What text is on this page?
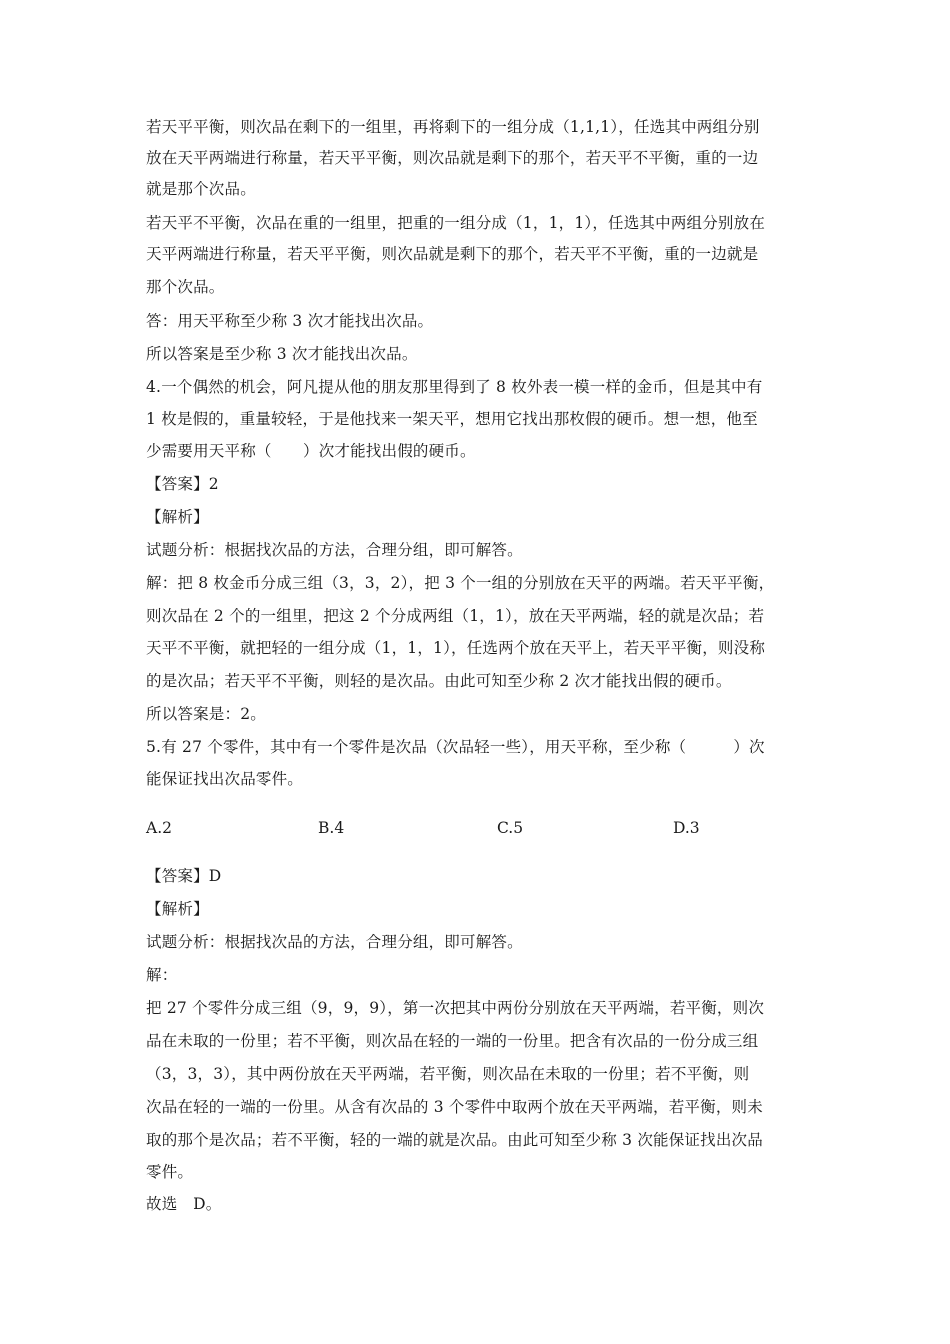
若天平平衡，则次品在剩下的一组里，再将剩下的一组分成（1,1,1），任选其中两组分别
放在天平两端进行称量，若天平平衡，则次品就是剩下的那个，若天平不平衡，重的一边
就是那个次品。
若天平不平衡，次品在重的一组里，把重的一组分成（1，1，1），任选其中两组分别放在
天平两端进行称量，若天平平衡，则次品就是剩下的那个，若天平不平衡，重的一边就是
那个次品。
答：用天平称至少称 3 次才能找出次品。
所以答案是至少称 3 次才能找出次品。
4.一个偶然的机会，阿凡提从他的朋友那里得到了 8 枚外表一模一样的金币，但是其中有
1 枚是假的，重量较轻，于是他找来一架天平，想用它找出那枚假的硬币。想一想，他至
少需要用天平称（　　）次才能找出假的硬币。
【答案】2
【解析】
试题分析：根据找次品的方法，合理分组，即可解答。
解：把 8 枚金币分成三组（3，3，2），把 3 个一组的分别放在天平的两端。若天平平衡，
则次品在 2 个的一组里，把这 2 个分成两组（1，1），放在天平两端，轻的就是次品；若
天平不平衡，就把轻的一组分成（1，1，1），任选两个放在天平上，若天平平衡，则没称
的是次品；若天平不平衡，则轻的是次品。由此可知至少称 2 次才能找出假的硬币。
所以答案是：2。
5.有 27 个零件，其中有一个零件是次品（次品轻一些），用天平称，至少称（　　　）次
能保证找出次品零件。
A.2	B.4	C.5	D.3
【答案】D
【解析】
试题分析：根据找次品的方法，合理分组，即可解答。
解：
把 27 个零件分成三组（9，9，9），第一次把其中两份分别放在天平两端，若平衡，则次
品在未取的一份里；若不平衡，则次品在轻的一端的一份里。把含有次品的一份分成三组
（3，3，3），其中两份放在天平两端，若平衡，则次品在未取的一份里；若不平衡，则
次品在轻的一端的一份里。从含有次品的 3 个零件中取两个放在天平两端，若平衡，则未
取的那个是次品；若不平衡，轻的一端的就是次品。由此可知至少称 3 次能保证找出次品
零件。
故选　D。
